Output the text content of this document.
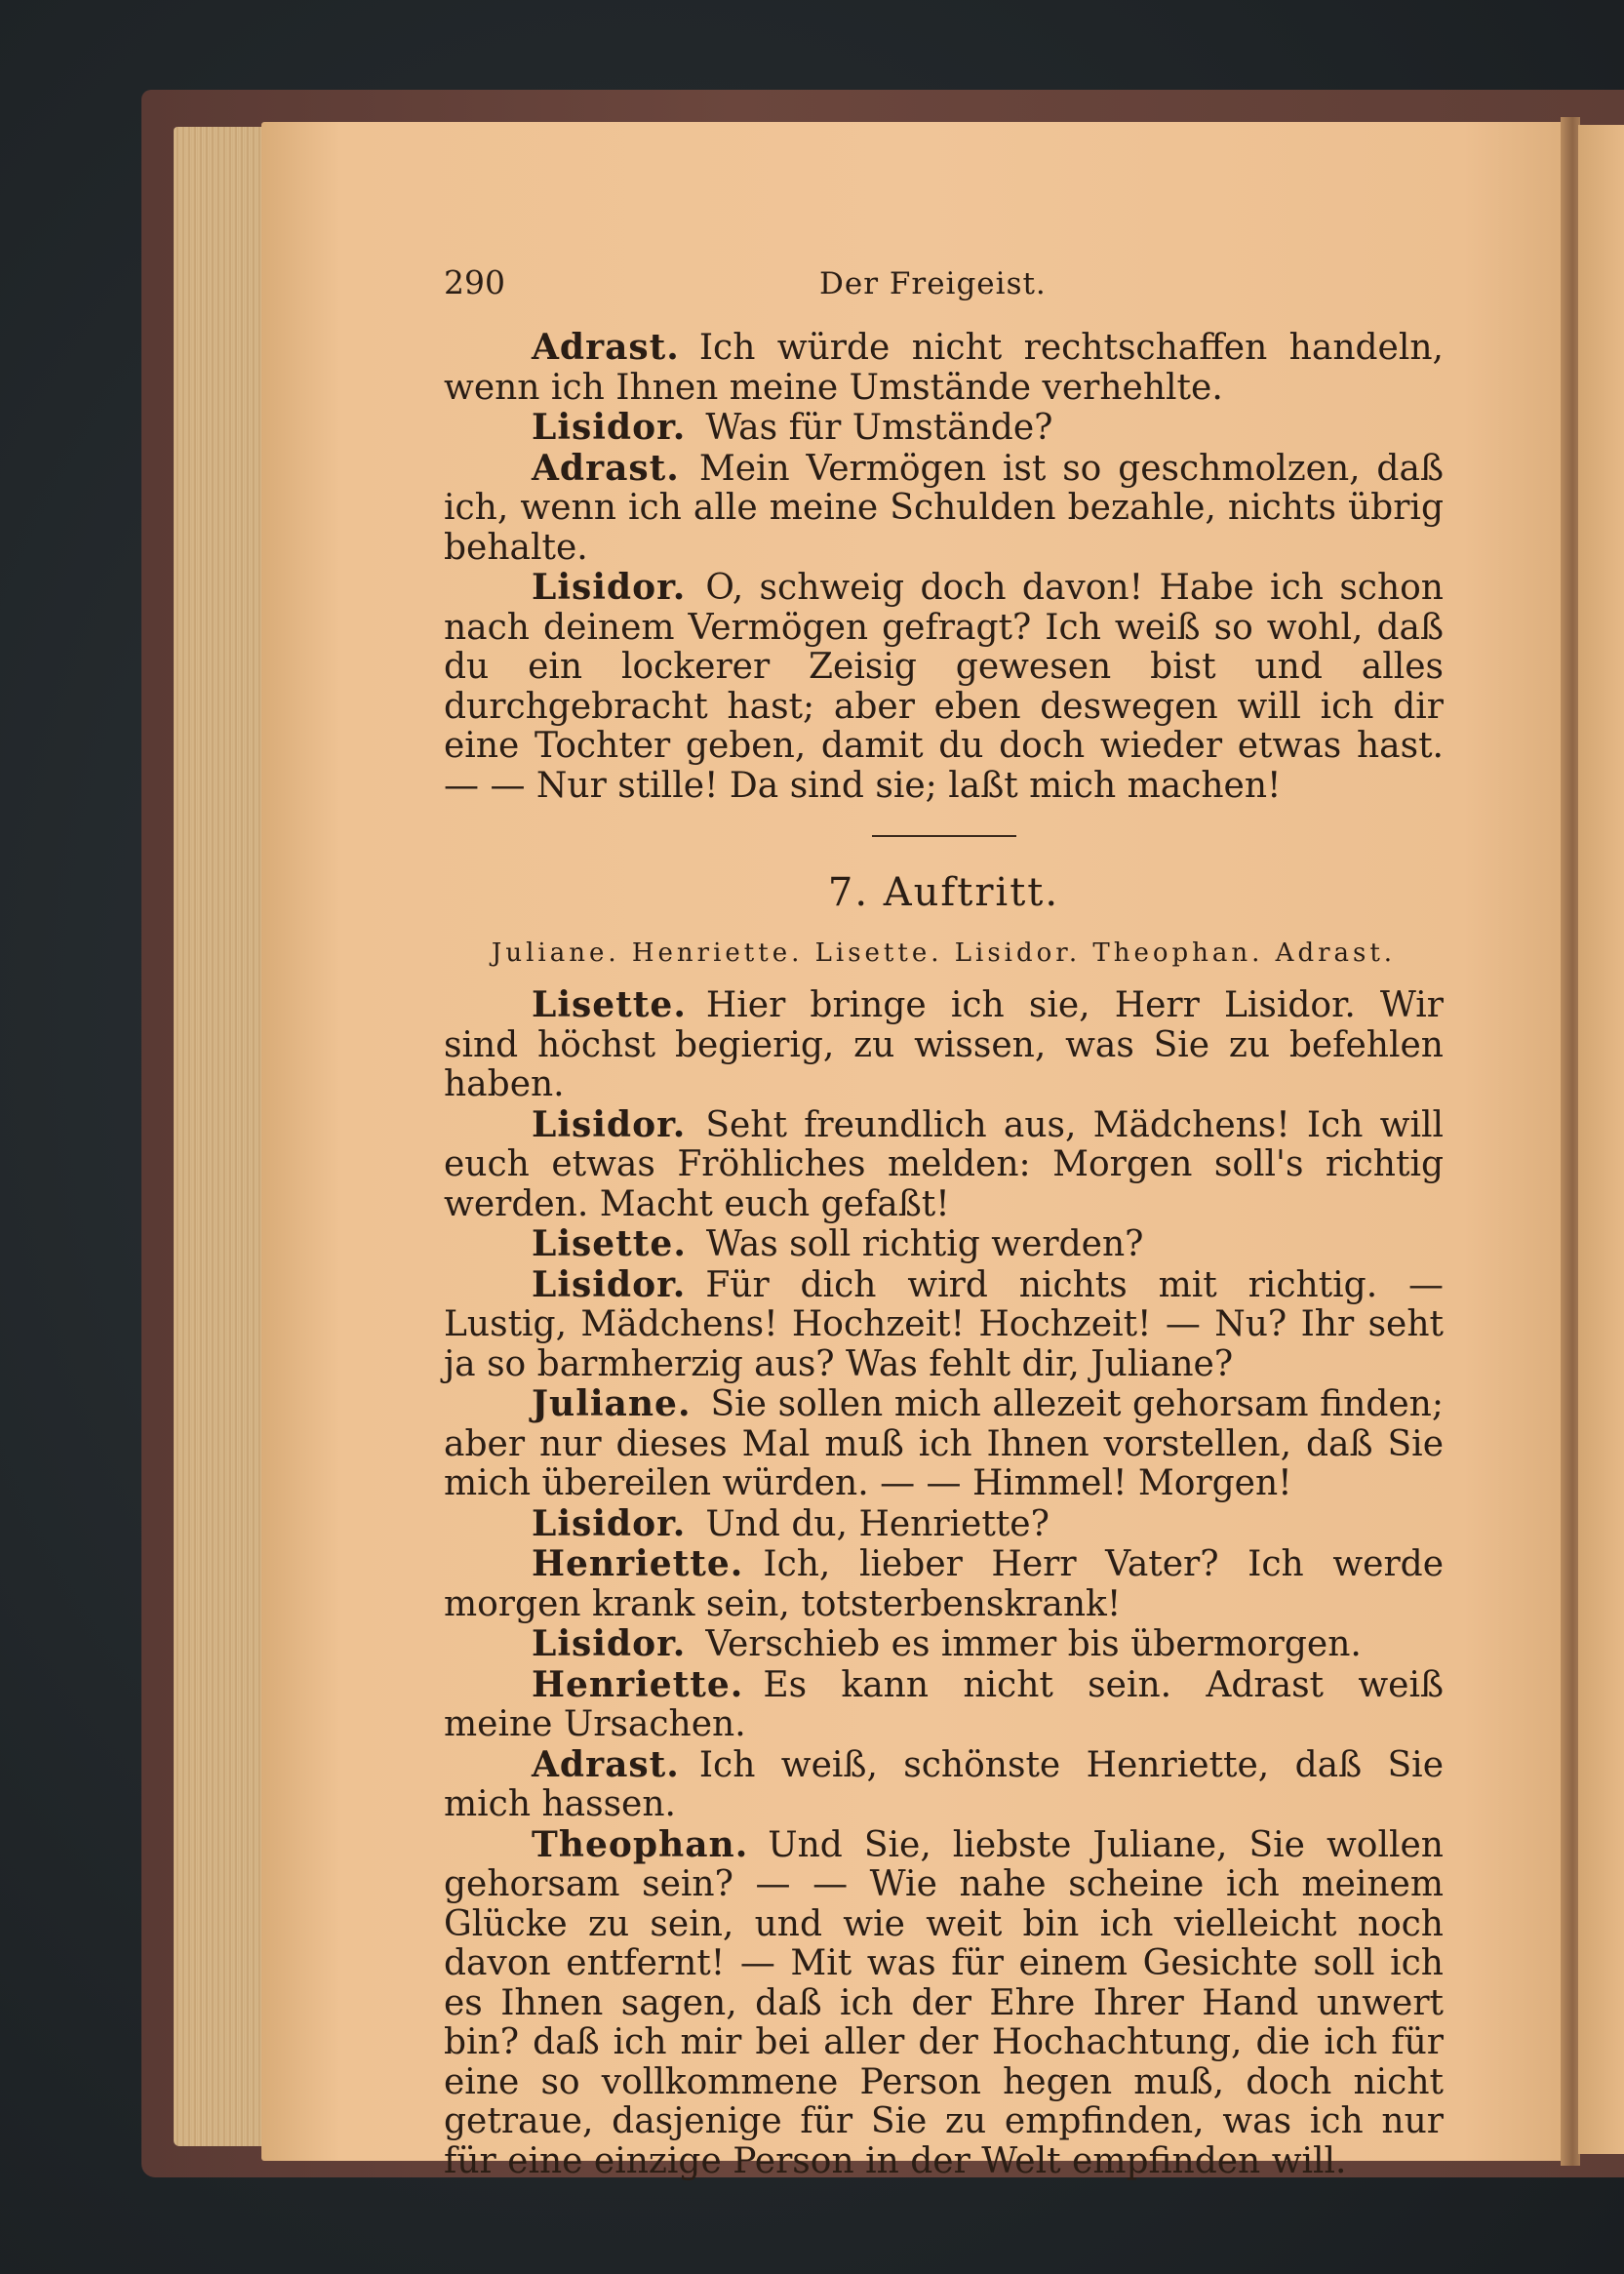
290	Der Freigeist.

Adrast. Ich würde nicht rechtschaffen handeln, wenn ich Ihnen meine Umstände verhehlte.

Lisidor. Was für Umstände?

Adrast. Mein Vermögen ist so geschmolzen, daß ich, wenn ich alle meine Schulden bezahle, nichts übrig behalte.

Lisidor. O, schweig doch davon! Habe ich schon nach deinem Vermögen gefragt? Ich weiß so wohl, daß du ein lockerer Zeisig gewesen bist und alles durchgebracht hast; aber eben deswegen will ich dir eine Tochter geben, damit du doch wieder etwas hast. — — Nur stille! Da sind sie; laßt mich machen!

7. Auftritt.
Juliane. Henriette. Lisette. Lisidor. Theophan. Adrast.

Lisette. Hier bringe ich sie, Herr Lisidor. Wir sind höchst begierig, zu wissen, was Sie zu befehlen haben.

Lisidor. Seht freundlich aus, Mädchens! Ich will euch etwas Fröhliches melden: Morgen soll's richtig werden. Macht euch gefaßt!

Lisette. Was soll richtig werden?

Lisidor. Für dich wird nichts mit richtig. — Lustig, Mädchens! Hochzeit! Hochzeit! — Nu? Ihr seht ja so barmherzig aus? Was fehlt dir, Juliane?

Juliane. Sie sollen mich allezeit gehorsam finden; aber nur dieses Mal muß ich Ihnen vorstellen, daß Sie mich übereilen würden. — — Himmel! Morgen!

Lisidor. Und du, Henriette?

Henriette. Ich, lieber Herr Vater? Ich werde morgen krank sein, totsterbenskrank!

Lisidor. Verschieb es immer bis übermorgen.

Henriette. Es kann nicht sein. Adrast weiß meine Ursachen.

Adrast. Ich weiß, schönste Henriette, daß Sie mich hassen.

Theophan. Und Sie, liebste Juliane, Sie wollen gehorsam sein? — — Wie nahe scheine ich meinem Glücke zu sein, und wie weit bin ich vielleicht noch davon entfernt! — Mit was für einem Gesichte soll ich es Ihnen sagen, daß ich der Ehre Ihrer Hand unwert bin? daß ich mir bei aller der Hochachtung, die ich für eine so vollkommene Person hegen muß, doch nicht getraue, dasjenige für Sie zu empfinden, was ich nur für eine einzige Person in der Welt empfinden will.
